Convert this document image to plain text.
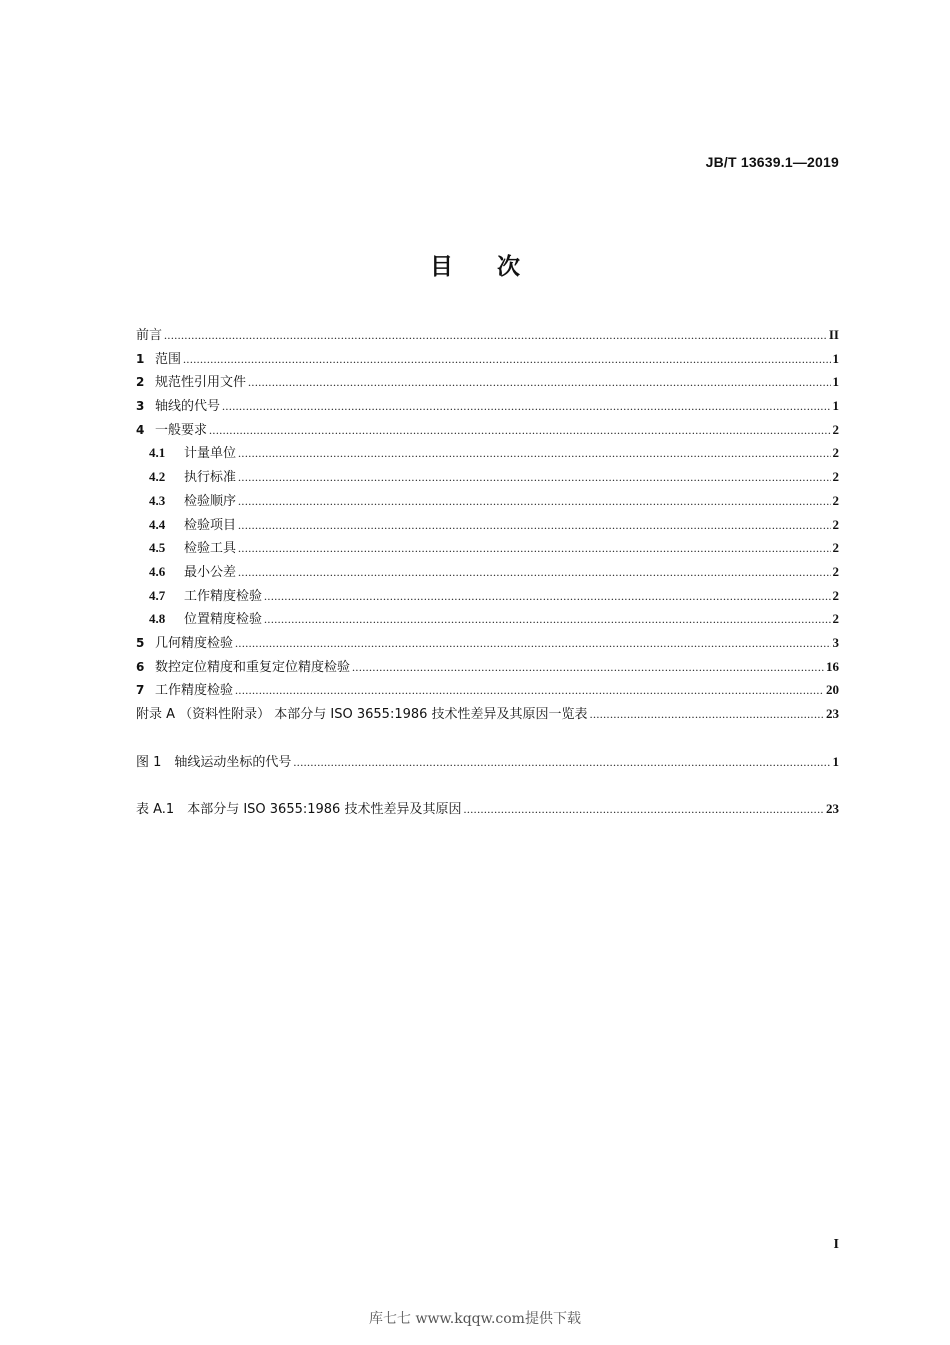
JB/T 13639.1—2019
目次
前言 .....	II
1 范围 .....	1
2 规范性引用文件 .....	1
3 轴线的代号 .....	1
4 一般要求 .....	2
4.1	计量单位 .....	2
4.2	执行标准 .....	2
4.3	检验顺序 .....	2
4.4	检验项目 .....	2
4.5	检验工具 .....	2
4.6	最小公差 .....	2
4.7	工作精度检验 .....	2
4.8	位置精度检验 .....	2
5 几何精度检验 .....	3
6 数控定位精度和重复定位精度检验 .....	16
7 工作精度检验 .....	20
附录 A （资料性附录） 本部分与 ISO 3655:1986 技术性差异及其原因一览表 .....	23
图 1　轴线运动坐标的代号 .....	1
表 A.1　本部分与 ISO 3655:1986 技术性差异及其原因 .....	23
I
库七七 www.kqqw.com提供下载
